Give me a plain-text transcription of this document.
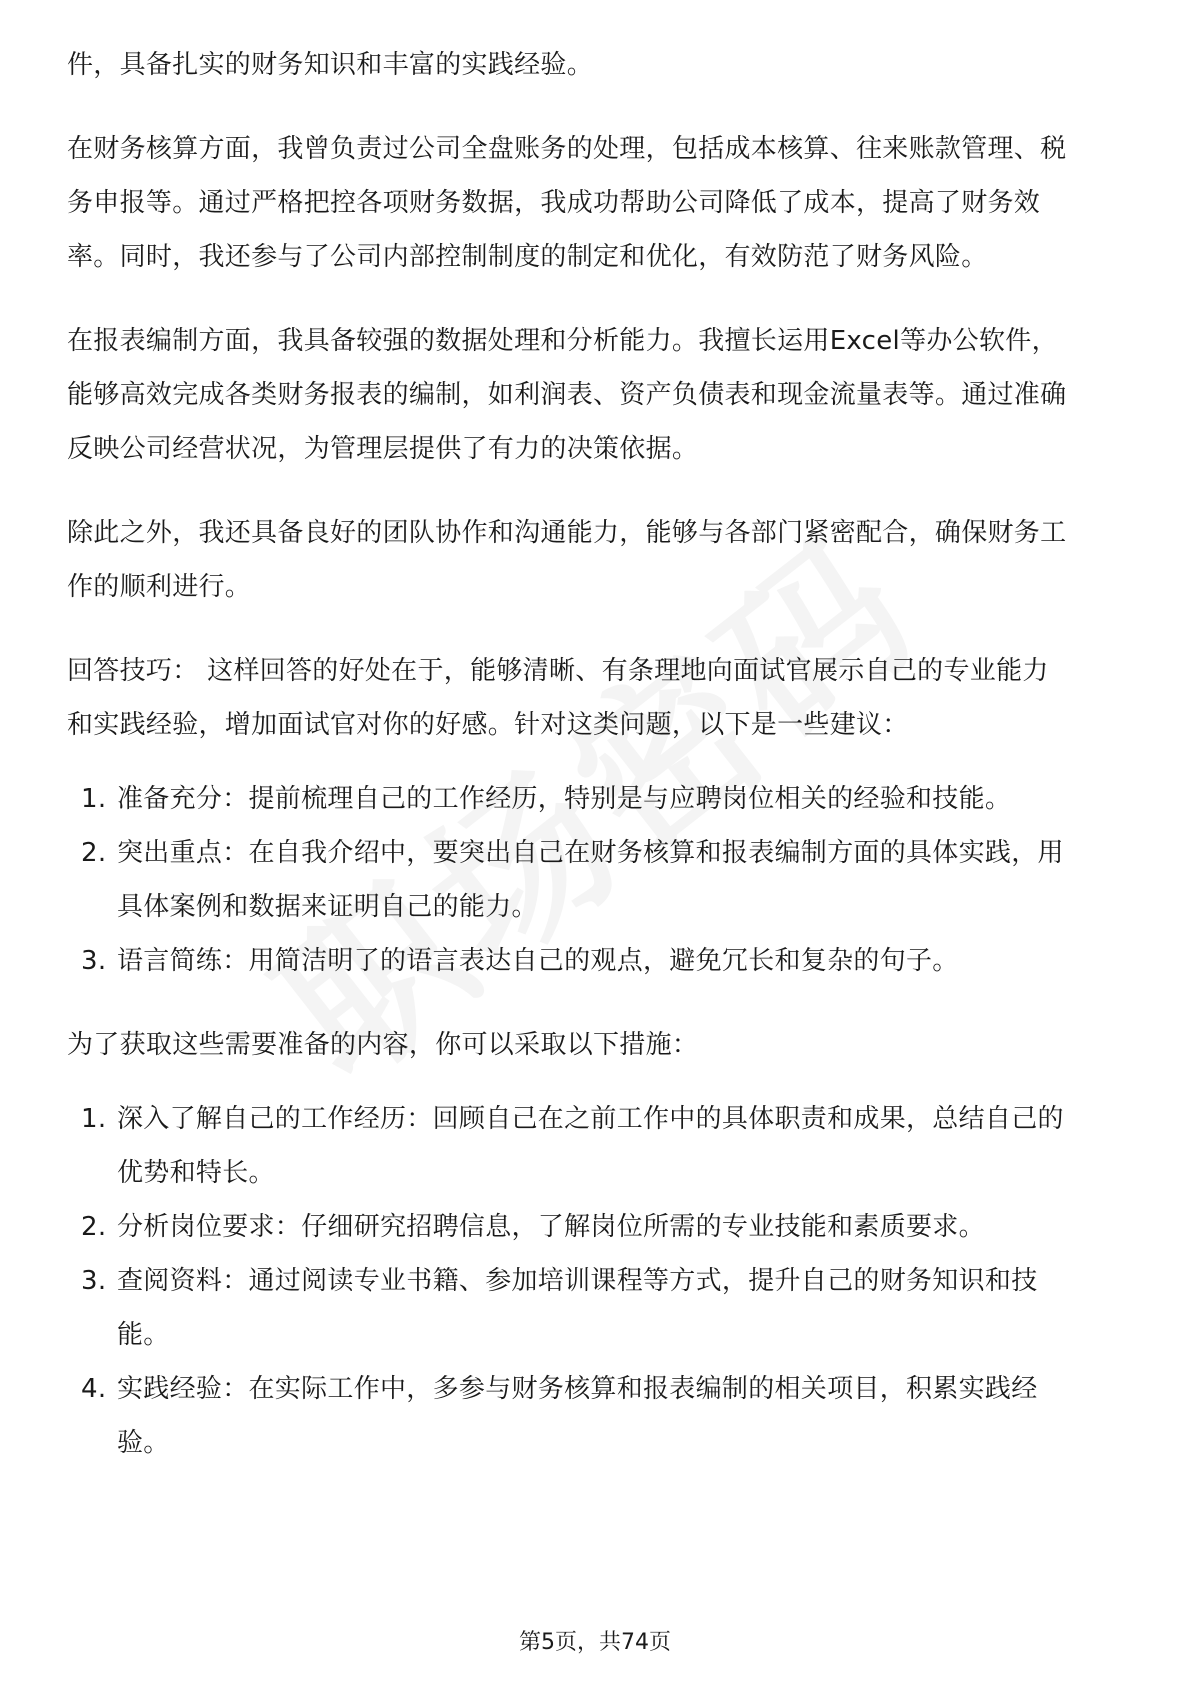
件，具备扎实的财务知识和丰富的实践经验。

在财务核算方面，我曾负责过公司全盘账务的处理，包括成本核算、往来账款管理、税务申报等。通过严格把控各项财务数据，我成功帮助公司降低了成本，提高了财务效率。同时，我还参与了公司内部控制制度的制定和优化，有效防范了财务风险。

在报表编制方面，我具备较强的数据处理和分析能力。我擅长运用Excel等办公软件，能够高效完成各类财务报表的编制，如利润表、资产负债表和现金流量表等。通过准确反映公司经营状况，为管理层提供了有力的决策依据。

除此之外，我还具备良好的团队协作和沟通能力，能够与各部门紧密配合，确保财务工作的顺利进行。

回答技巧： 这样回答的好处在于，能够清晰、有条理地向面试官展示自己的专业能力和实践经验，增加面试官对你的好感。针对这类问题，以下是一些建议：

1. 准备充分：提前梳理自己的工作经历，特别是与应聘岗位相关的经验和技能。
2. 突出重点：在自我介绍中，要突出自己在财务核算和报表编制方面的具体实践，用具体案例和数据来证明自己的能力。
3. 语言简练：用简洁明了的语言表达自己的观点，避免冗长和复杂的句子。

为了获取这些需要准备的内容，你可以采取以下措施：

1. 深入了解自己的工作经历：回顾自己在之前工作中的具体职责和成果，总结自己的优势和特长。
2. 分析岗位要求：仔细研究招聘信息，了解岗位所需的专业技能和素质要求。
3. 查阅资料：通过阅读专业书籍、参加培训课程等方式，提升自己的财务知识和技能。
4. 实践经验：在实际工作中，多参与财务核算和报表编制的相关项目，积累实践经验。
第5页，共74页
